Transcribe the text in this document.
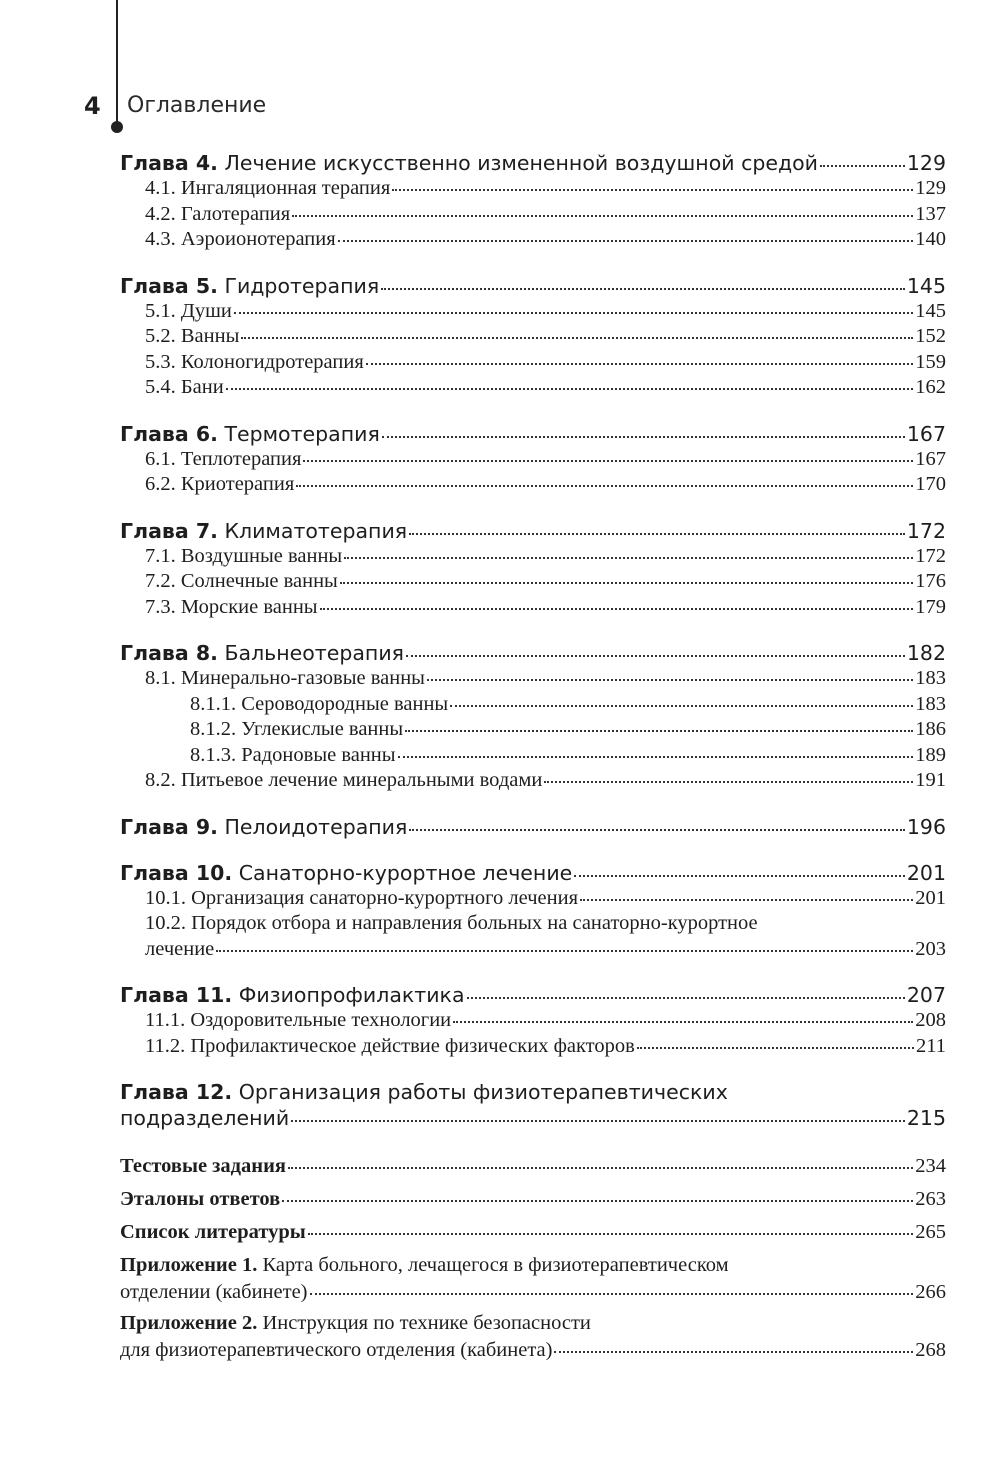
4 Оглавление
Глава 4. Лечение искусственно измененной воздушной средой	129
4.1. Ингаляционная терапия	129
4.2. Галотерапия	137
4.3. Аэроионотерапия	140
Глава 5. Гидротерапия	145
5.1. Души	145
5.2. Ванны	152
5.3. Колоногидротерапия	159
5.4. Бани	162
Глава 6. Термотерапия	167
6.1. Теплотерапия	167
6.2. Криотерапия	170
Глава 7. Климатотерапия	172
7.1. Воздушные ванны	172
7.2. Солнечные ванны	176
7.3. Морские ванны	179
Глава 8. Бальнеотерапия	182
8.1. Минерально-газовые ванны	183
8.1.1. Сероводородные ванны	183
8.1.2. Углекислые ванны	186
8.1.3. Радоновые ванны	189
8.2. Питьевое лечение минеральными водами	191
Глава 9. Пелоидотерапия	196
Глава 10. Санаторно-курортное лечение	201
10.1. Организация санаторно-курортного лечения	201
10.2. Порядок отбора и направления больных на санаторно-курортное
лечение	203
Глава 11. Физиопрофилактика	207
11.1. Оздоровительные технологии	208
11.2. Профилактическое действие физических факторов	211
Глава 12. Организация работы физиотерапевтических
подразделений	215
Тестовые задания	234
Эталоны ответов	263
Список литературы	265
Приложение 1. Карта больного, лечащегося в физиотерапевтическом
отделении (кабинете)	266
Приложение 2. Инструкция по технике безопасности
для физиотерапевтического отделения (кабинета)	268
